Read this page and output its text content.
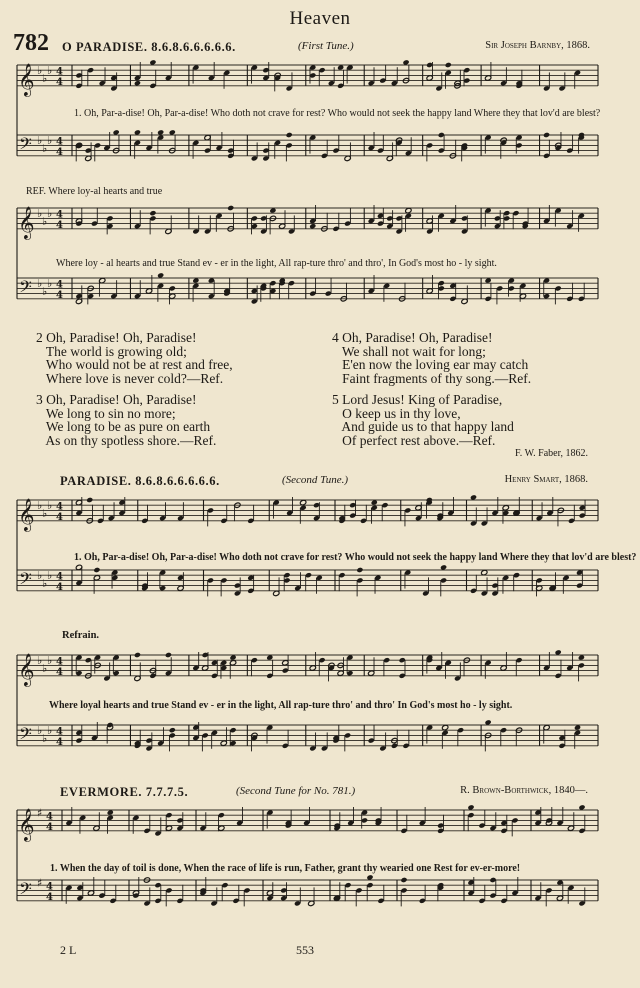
Heaven
782 O PARADISE. 8.6.8.6.6.6.6.6.	(First Tune.)	Sir Joseph Barnby, 1868.
𝄞 ♭
♭
♭ 4
4
𝄢 ♭
♭
♭ 4
4
1. Oh, Par-a-dise! Oh, Par-a-dise! Who doth not crave for rest? Who would not seek the happy land Where they that lov'd are blest?
REF. Where loy-al hearts and true
𝄞 ♭
♭
♭ 4
4
𝄢 ♭
♭
♭ 4
4
Where loy - al hearts and true Stand ev - er in the light, All rap-ture thro' and thro', In God's most ho - ly sight.
2 Oh, Paradise! Oh, Paradise!
The world is growing old;
Who would not be at rest and free,
Where love is never cold?—Ref.
3 Oh, Paradise! Oh, Paradise!
We long to sin no more;
We long to be as pure on earth
As on thy spotless shore.—Ref.
4 Oh, Paradise! Oh, Paradise!
We shall not wait for long;
E'en now the loving ear may catch
Faint fragments of thy song.—Ref.
5 Lord Jesus! King of Paradise,
O keep us in thy love,
And guide us to that happy land
Of perfect rest above.—Ref.
F. W. Faber, 1862.
PARADISE. 8.6.8.6.6.6.6.6.	(Second Tune.)	Henry Smart, 1868.
𝄞 ♭
♭
♭ 4
4
𝄢 ♭
♭
♭ 4
4
1. Oh, Par-a-dise! Oh, Par-a-dise! Who doth not crave for rest? Who would not seek the happy land Where they that lov'd are blest?
Refrain.
𝄞 ♭
♭
♭ 4
4
𝄢 ♭
♭
♭ 4
4
Where loyal hearts and true Stand ev - er in the light, All rap-ture thro' and thro' In God's most ho - ly sight.
EVERMORE. 7.7.7.5.	(Second Tune for No. 781.)	R. Brown-Borthwick, 1840—.
𝄞 ♯ 4
4
𝄢 ♯ 4
4
1. When the day of toil is done, When the race of life is run, Father, grant thy wearied one Rest for ev-er-more!
2 L	553
